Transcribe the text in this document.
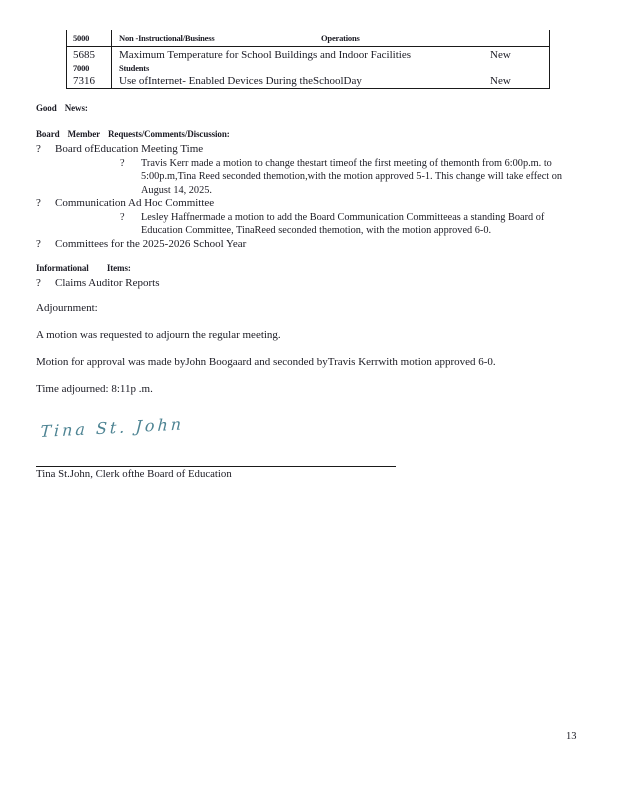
5000	Non -Instructional/Business	Operations
5685 Maximum Temperature for School Buildings and Indoor Facilities	New
7000	Students
7316 Use ofInternet- Enabled Devices During theSchoolDay	New
Good News:
Board Member Requests/Comments/Discussion:
? Board ofEducation Meeting Time
? Travis Kerr made a motion to change thestart timeof the first meeting of themonth from 6:00p.m. to
5:00p.m,Tina Reed seconded themotion,with the motion approved 5-1. This change will take effect on
August 14, 2025.
? Communication Ad Hoc Committee
? Lesley Haffnermade a motion to add the Board Communication Committeeas a standing Board of
Education Committee, TinaReed seconded themotion, with the motion approved 6-0.
? Committees for the 2025-2026 School Year
Informational Items:
? Claims Auditor Reports
Adjournment:
A motion was requested to adjourn the regular meeting.
Motion for approval was made byJohn Boogaard and seconded byTravis Kerrwith motion approved 6-0.
Time adjourned: 8:11p .m.
Tina St. John
Tina St.John, Clerk ofthe Board of Education
13
